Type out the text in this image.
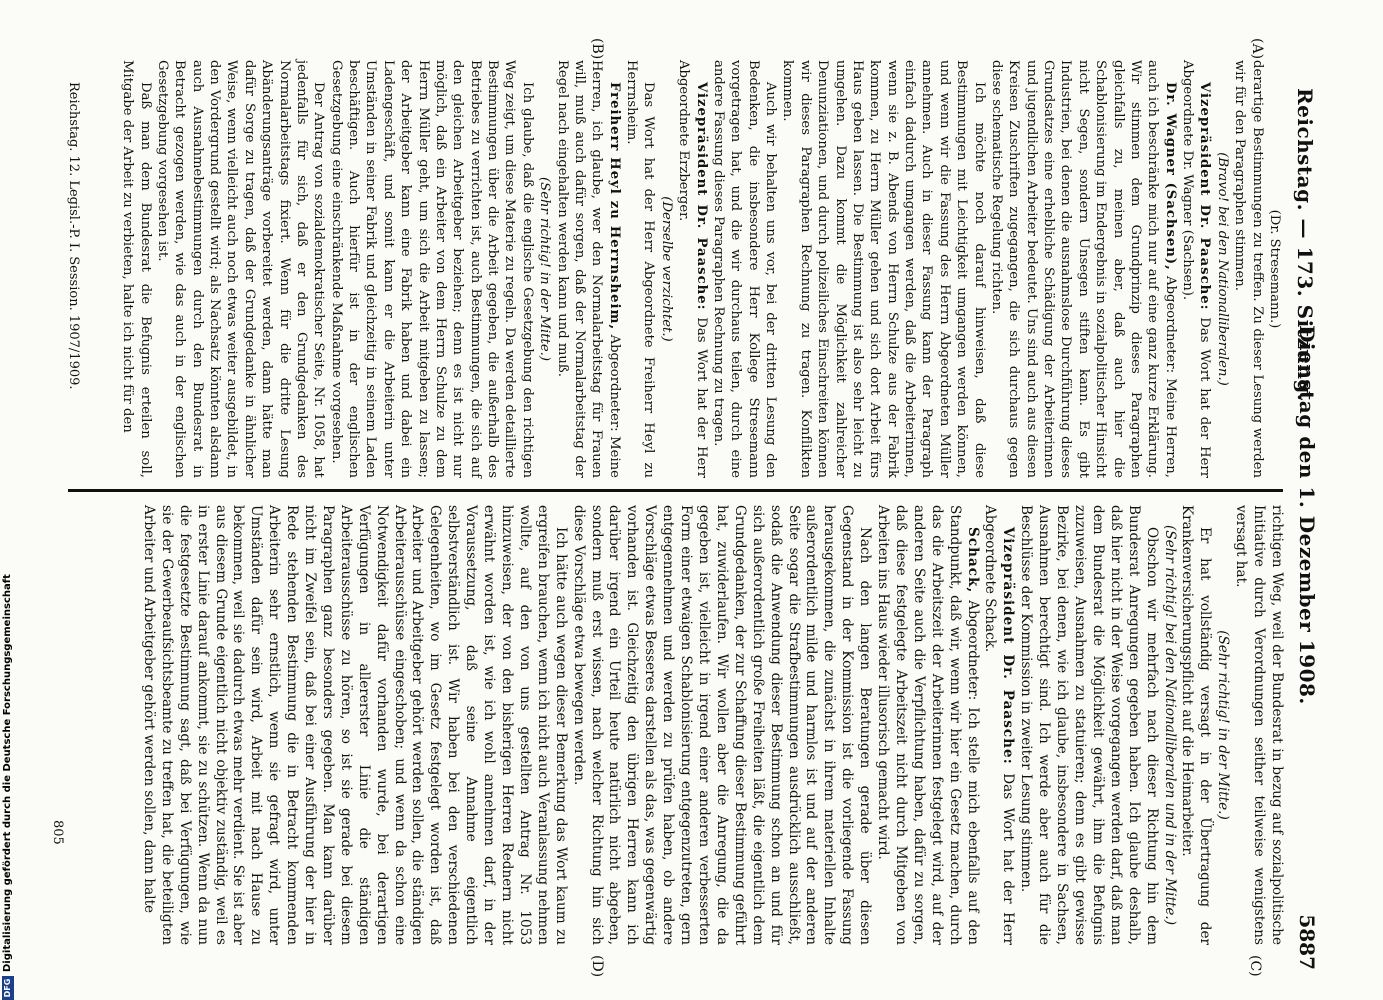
Reichstag. — 173. Sitzung.
Dienstag den 1. Dezember 1908.
5887
(A)
(B)
(C)
(D)

(Dr. Stresemann.)

derartige Bestimmungen zu treffen. Zu dieser Lesung werden wir für den Paragraphen stimmen.

(Bravo! bei den Nationalliberalen.)

Vizepräsident Dr. Paasche: Das Wort hat der Herr Abgeordnete Dr. Wagner (Sachsen).

Dr. Wagner (Sachsen), Abgeordneter: Meine Herren, auch ich beschränke mich nur auf eine ganz kurze Erklärung. Wir stimmen dem Grundprinzip dieses Paragraphen gleichfalls zu, meinen aber, daß auch hier die Schablonisierung im Endergebnis in sozialpolitischer Hinsicht nicht Segen, sondern Unsegen stiften kann. Es gibt Industrien, bei denen die ausnahmslose Durchführung dieses Grundsatzes eine erhebliche Schädigung der Arbeiterinnen und jugendlichen Arbeiter bedeutet. Uns sind auch aus diesen Kreisen Zuschriften zugegangen, die sich durchaus gegen diese schematische Regelung richten.

Ich möchte noch darauf hinweisen, daß diese Bestimmungen mit Leichtigkeit umgangen werden können, und wenn wir die Fassung des Herrn Abgeordneten Müller annehmen. Auch in dieser Fassung kann der Paragraph einfach dadurch umgangen werden, daß die Arbeiterinnen, wenn sie z. B. Abends von Herrn Schulze aus der Fabrik kommen, zu Herrn Müller gehen und sich dort Arbeit fürs Haus geben lassen. Die Bestimmung ist also sehr leicht zu umgehen. Dazu kommt die Möglichkeit zahlreicher Denunziationen, und durch polizeiliches Einschreiten können wir dieses Paragraphen Rechnung zu tragen. Konflikten kommen.

Auch wir behalten uns vor, bei der dritten Lesung den Bedenken, die insbesondere Herr Kollege Stresemann vorgetragen hat, und die wir durchaus teilen, durch eine andere Fassung dieses Paragraphen Rechnung zu tragen.

Vizepräsident Dr. Paasche: Das Wort hat der Herr Abgeordnete Erzberger.

(Derselbe verzichtet.)

Das Wort hat der Herr Abgeordnete Freiherr Heyl zu Herrnsheim.

Freiherr Heyl zu Herrnsheim, Abgeordneter: Meine Herren, ich glaube, wer den Normalarbeitstag für Frauen will, muß auch dafür sorgen, daß der Normalarbeitstag der Regel nach eingehalten werden kann und muß.

(Sehr richtig! in der Mitte.)

Ich glaube, daß die englische Gesetzgebung den richtigen Weg zeigt, um diese Materie zu regeln. Da werden detaillierte Bestimmungen über die Arbeit gegeben, die außerhalb des Betriebes zu verrichten ist, auch Bestimmungen, die sich auf den gleichen Arbeitgeber beziehen; denn es ist nicht nur möglich, daß ein Arbeiter von dem Herrn Schulze zu dem Herrn Müller geht, um sich die Arbeit mitgeben zu lassen; der Arbeitgeber kann eine Fabrik haben und dabei ein Ladengeschäft, und somit kann er die Arbeiterin unter Umständen in seiner Fabrik und gleichzeitig in seinem Laden beschäftigen. Auch hierfür ist in der englischen Gesetzgebung eine einschränkende Maßnahme vorgesehen.

Der Antrag von sozialdemokratischer Seite, Nr. 1058, hat jedenfalls für sich, daß er den Grundgedanken des Normalarbeitstags fixiert. Wenn für die dritte Lesung Abänderungsanträge vorbereitet werden, dann hätte man dafür Sorge zu tragen, daß der Grundgedanke in ähnlicher Weise, wenn vielleicht auch noch etwas weiter ausgebildet, in den Vordergrund gestellt wird; als Nachsatz könnten alsdann auch Ausnahmebestimmungen durch den Bundesrat in Betracht gezogen werden, wie das auch in der englischen Gesetzgebung vorgesehen ist.

Daß man dem Bundesrat die Befugnis erteilen soll, Mitgabe der Arbeit zu verbieten, halte ich nicht für den

richtigen Weg, weil der Bundesrat in bezug auf sozialpolitische Initiative durch Verordnungen seither teilweise wenigstens versagt hat.

(Sehr richtig! in der Mitte.)

Er hat vollständig versagt in der Übertragung der Krankenversicherungspflicht auf die Heimarbeiter.

(Sehr richtig! bei den Nationalliberalen und in der Mitte.)

Obschon wir mehrfach nach dieser Richtung hin dem Bundesrat Anregungen gegeben haben. Ich glaube deshalb, daß hier nicht in der Weise vorgegangen werden darf, daß man dem Bundesrat die Möglichkeit gewährt, ihm die Befugnis zuzuweisen, Ausnahmen zu statuieren; denn es gibt gewisse Bezirke, bei denen, wie ich glaube, insbesondere in Sachsen, Ausnahmen berechtigt sind. Ich werde aber auch für die Beschlüsse der Kommission in zweiter Lesung stimmen.

Vizepräsident Dr. Paasche: Das Wort hat der Herr Abgeordnete Schack.

Schack, Abgeordneter: Ich stelle mich ebenfalls auf den Standpunkt, daß wir, wenn wir hier ein Gesetz machen, durch das die Arbeitszeit der Arbeiterinnen festgelegt wird, auf der anderen Seite auch die Verpflichtung haben, dafür zu sorgen, daß diese festgelegte Arbeitszeit nicht durch Mitgeben von Arbeiten ins Haus wieder illusorisch gemacht wird.

Nach den langen Beratungen gerade über diesen Gegenstand in der Kommission ist die vorliegende Fassung herausgekommen, die zunächst in ihrem materiellen Inhalte außerordentlich milde und harmlos ist und auf der anderen Seite sogar die Strafbestimmungen ausdrücklich ausschließt, sodaß die Anwendung dieser Bestimmung schon an und für sich außerordentlich große Freiheiten läßt, die eigentlich dem Grundgedanken, der zur Schaffung dieser Bestimmung geführt hat, zuwiderlaufen. Wir wollen aber die Anregung, die da gegeben ist, vielleicht in irgend einer anderen verbesserten Form einer etwaigen Schablonisierung entgegenzutreten, gern entgegennehmen und werden zu prüfen haben, ob andere Vorschläge etwas Besseres darstellen als das, was gegenwärtig vorhanden ist. Gleichzeitig den übrigen Herren kann ich darüber irgend ein Urteil heute natürlich nicht abgeben, sondern muß erst wissen, nach welcher Richtung hin sich diese Vorschläge etwa bewegen werden.

Ich hätte auch wegen dieser Bemerkung das Wort kaum zu ergreifen brauchen, wenn ich nicht auch Veranlassung nehmen wollte, auf den von uns gestellten Antrag Nr. 1053 hinzuweisen, der von den bisherigen Herren Rednern nicht erwähnt worden ist, wie ich wohl annehmen darf, in der Voraussetzung, daß seine Annahme eigentlich selbstverständlich ist. Wir haben bei den verschiedenen Gelegenheiten, wo im Gesetz festgelegt worden ist, daß Arbeiter und Arbeitgeber gehört werden sollen, die ständigen Arbeiterausschüsse eingeschoben; und wenn da schon eine Notwendigkeit dafür vorhanden wurde, bei derartigen Verfügungen in allererster Linie die ständigen Arbeiterausschüsse zu hören, so ist sie gerade bei diesem Paragraphen ganz besonders gegeben. Man kann darüber nicht im Zweifel sein, daß bei einer Ausführung der hier in Rede stehenden Bestimmung die in Betracht kommenden Arbeiterin sehr ernstlich, wenn sie gefragt wird, unter Umständen dafür sein wird, Arbeit mit nach Hause zu bekommen, weil sie dadurch etwas mehr verdient. Sie ist aber aus diesem Grunde eigentlich nicht objektiv zuständig, weil es in erster Linie darauf ankommt, sie zu schützen. Wenn da nun die festgesetzte Bestimmung sagt, daß bei Verfügungen, wie sie der Gewerbeaufsichtsbeamte zu treffen hat, die beteiligten Arbeiter und Arbeitgeber gehört werden sollen, dann halte

Reichstag. 12. Legisl.-P. I. Session. 1907/1909.
805
Digitalisierung gefördert durch die Deutsche Forschungsgemeinschaft
DFG
